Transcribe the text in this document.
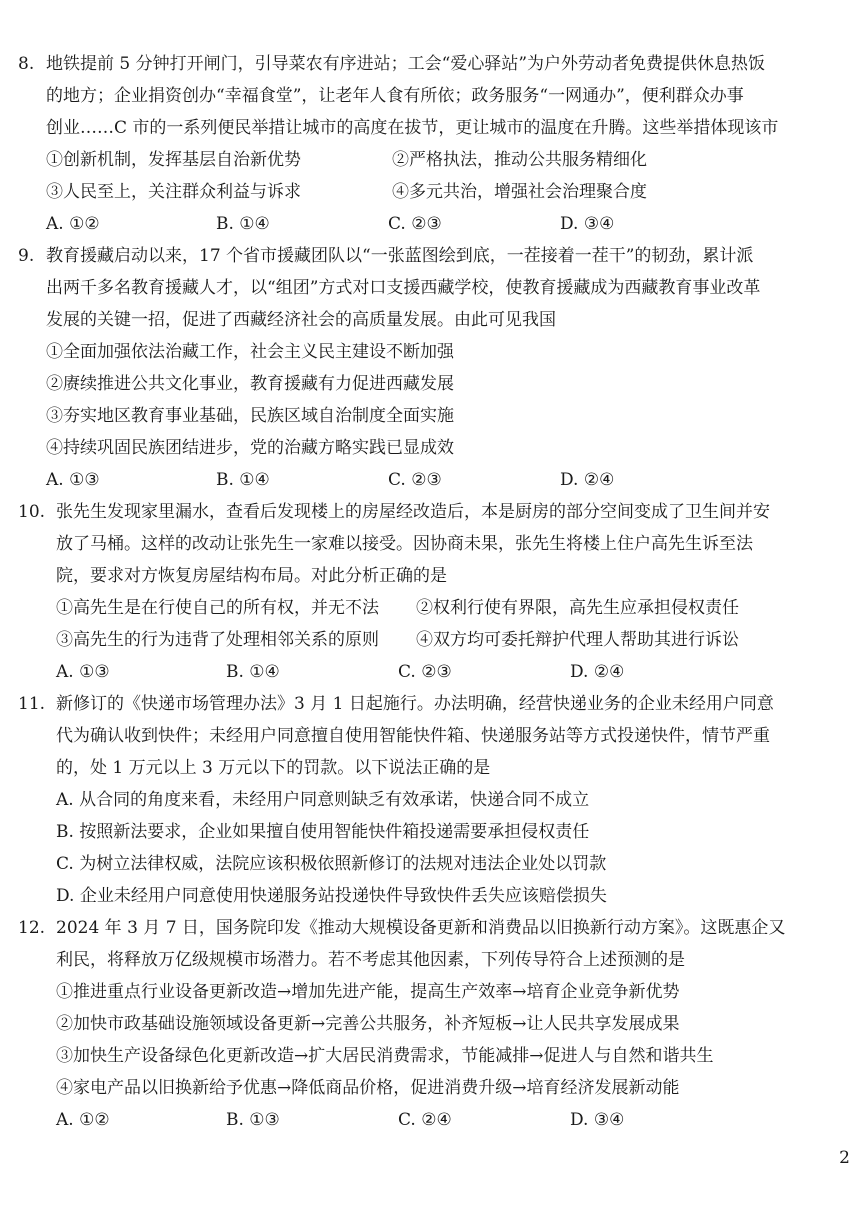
8. 地铁提前 5 分钟打开闸门，引导菜农有序进站；工会“爱心驿站”为户外劳动者免费提供休息热饭
的地方；企业捐资创办“幸福食堂”，让老年人食有所依；政务服务“一网通办”，便利群众办事
创业……C 市的一系列便民举措让城市的高度在拔节，更让城市的温度在升腾。这些举措体现该市
①创新机制，发挥基层自治新优势	②严格执法，推动公共服务精细化
③人民至上，关注群众利益与诉求	④多元共治，增强社会治理聚合度
A. ①②	B. ①④	C. ②③	D. ③④
9. 教育援藏启动以来，17 个省市援藏团队以“一张蓝图绘到底，一茬接着一茬干”的韧劲，累计派
出两千多名教育援藏人才，以“组团”方式对口支援西藏学校，使教育援藏成为西藏教育事业改革
发展的关键一招，促进了西藏经济社会的高质量发展。由此可见我国
①全面加强依法治藏工作，社会主义民主建设不断加强
②赓续推进公共文化事业，教育援藏有力促进西藏发展
③夯实地区教育事业基础，民族区域自治制度全面实施
④持续巩固民族团结进步，党的治藏方略实践已显成效
A. ①③	B. ①④	C. ②③	D. ②④
10. 张先生发现家里漏水，查看后发现楼上的房屋经改造后，本是厨房的部分空间变成了卫生间并安
放了马桶。这样的改动让张先生一家难以接受。因协商未果，张先生将楼上住户高先生诉至法
院，要求对方恢复房屋结构布局。对此分析正确的是
①高先生是在行使自己的所有权，并无不法 ②权利行使有界限，高先生应承担侵权责任
③高先生的行为违背了处理相邻关系的原则 ④双方均可委托辩护代理人帮助其进行诉讼
A. ①③	B. ①④	C. ②③	D. ②④
11. 新修订的《快递市场管理办法》3 月 1 日起施行。办法明确，经营快递业务的企业未经用户同意
代为确认收到快件；未经用户同意擅自使用智能快件箱、快递服务站等方式投递快件，情节严重
的，处 1 万元以上 3 万元以下的罚款。以下说法正确的是
A. 从合同的角度来看，未经用户同意则缺乏有效承诺，快递合同不成立
B. 按照新法要求，企业如果擅自使用智能快件箱投递需要承担侵权责任
C. 为树立法律权威，法院应该积极依照新修订的法规对违法企业处以罚款
D. 企业未经用户同意使用快递服务站投递快件导致快件丢失应该赔偿损失
12. 2024 年 3 月 7 日，国务院印发《推动大规模设备更新和消费品以旧换新行动方案》。这既惠企又
利民，将释放万亿级规模市场潜力。若不考虑其他因素，下列传导符合上述预测的是
①推进重点行业设备更新改造→增加先进产能，提高生产效率→培育企业竞争新优势
②加快市政基础设施领域设备更新→完善公共服务，补齐短板→让人民共享发展成果
③加快生产设备绿色化更新改造→扩大居民消费需求，节能减排→促进人与自然和谐共生
④家电产品以旧换新给予优惠→降低商品价格，促进消费升级→培育经济发展新动能
A. ①②	B. ①③	C. ②④	D. ③④
2
